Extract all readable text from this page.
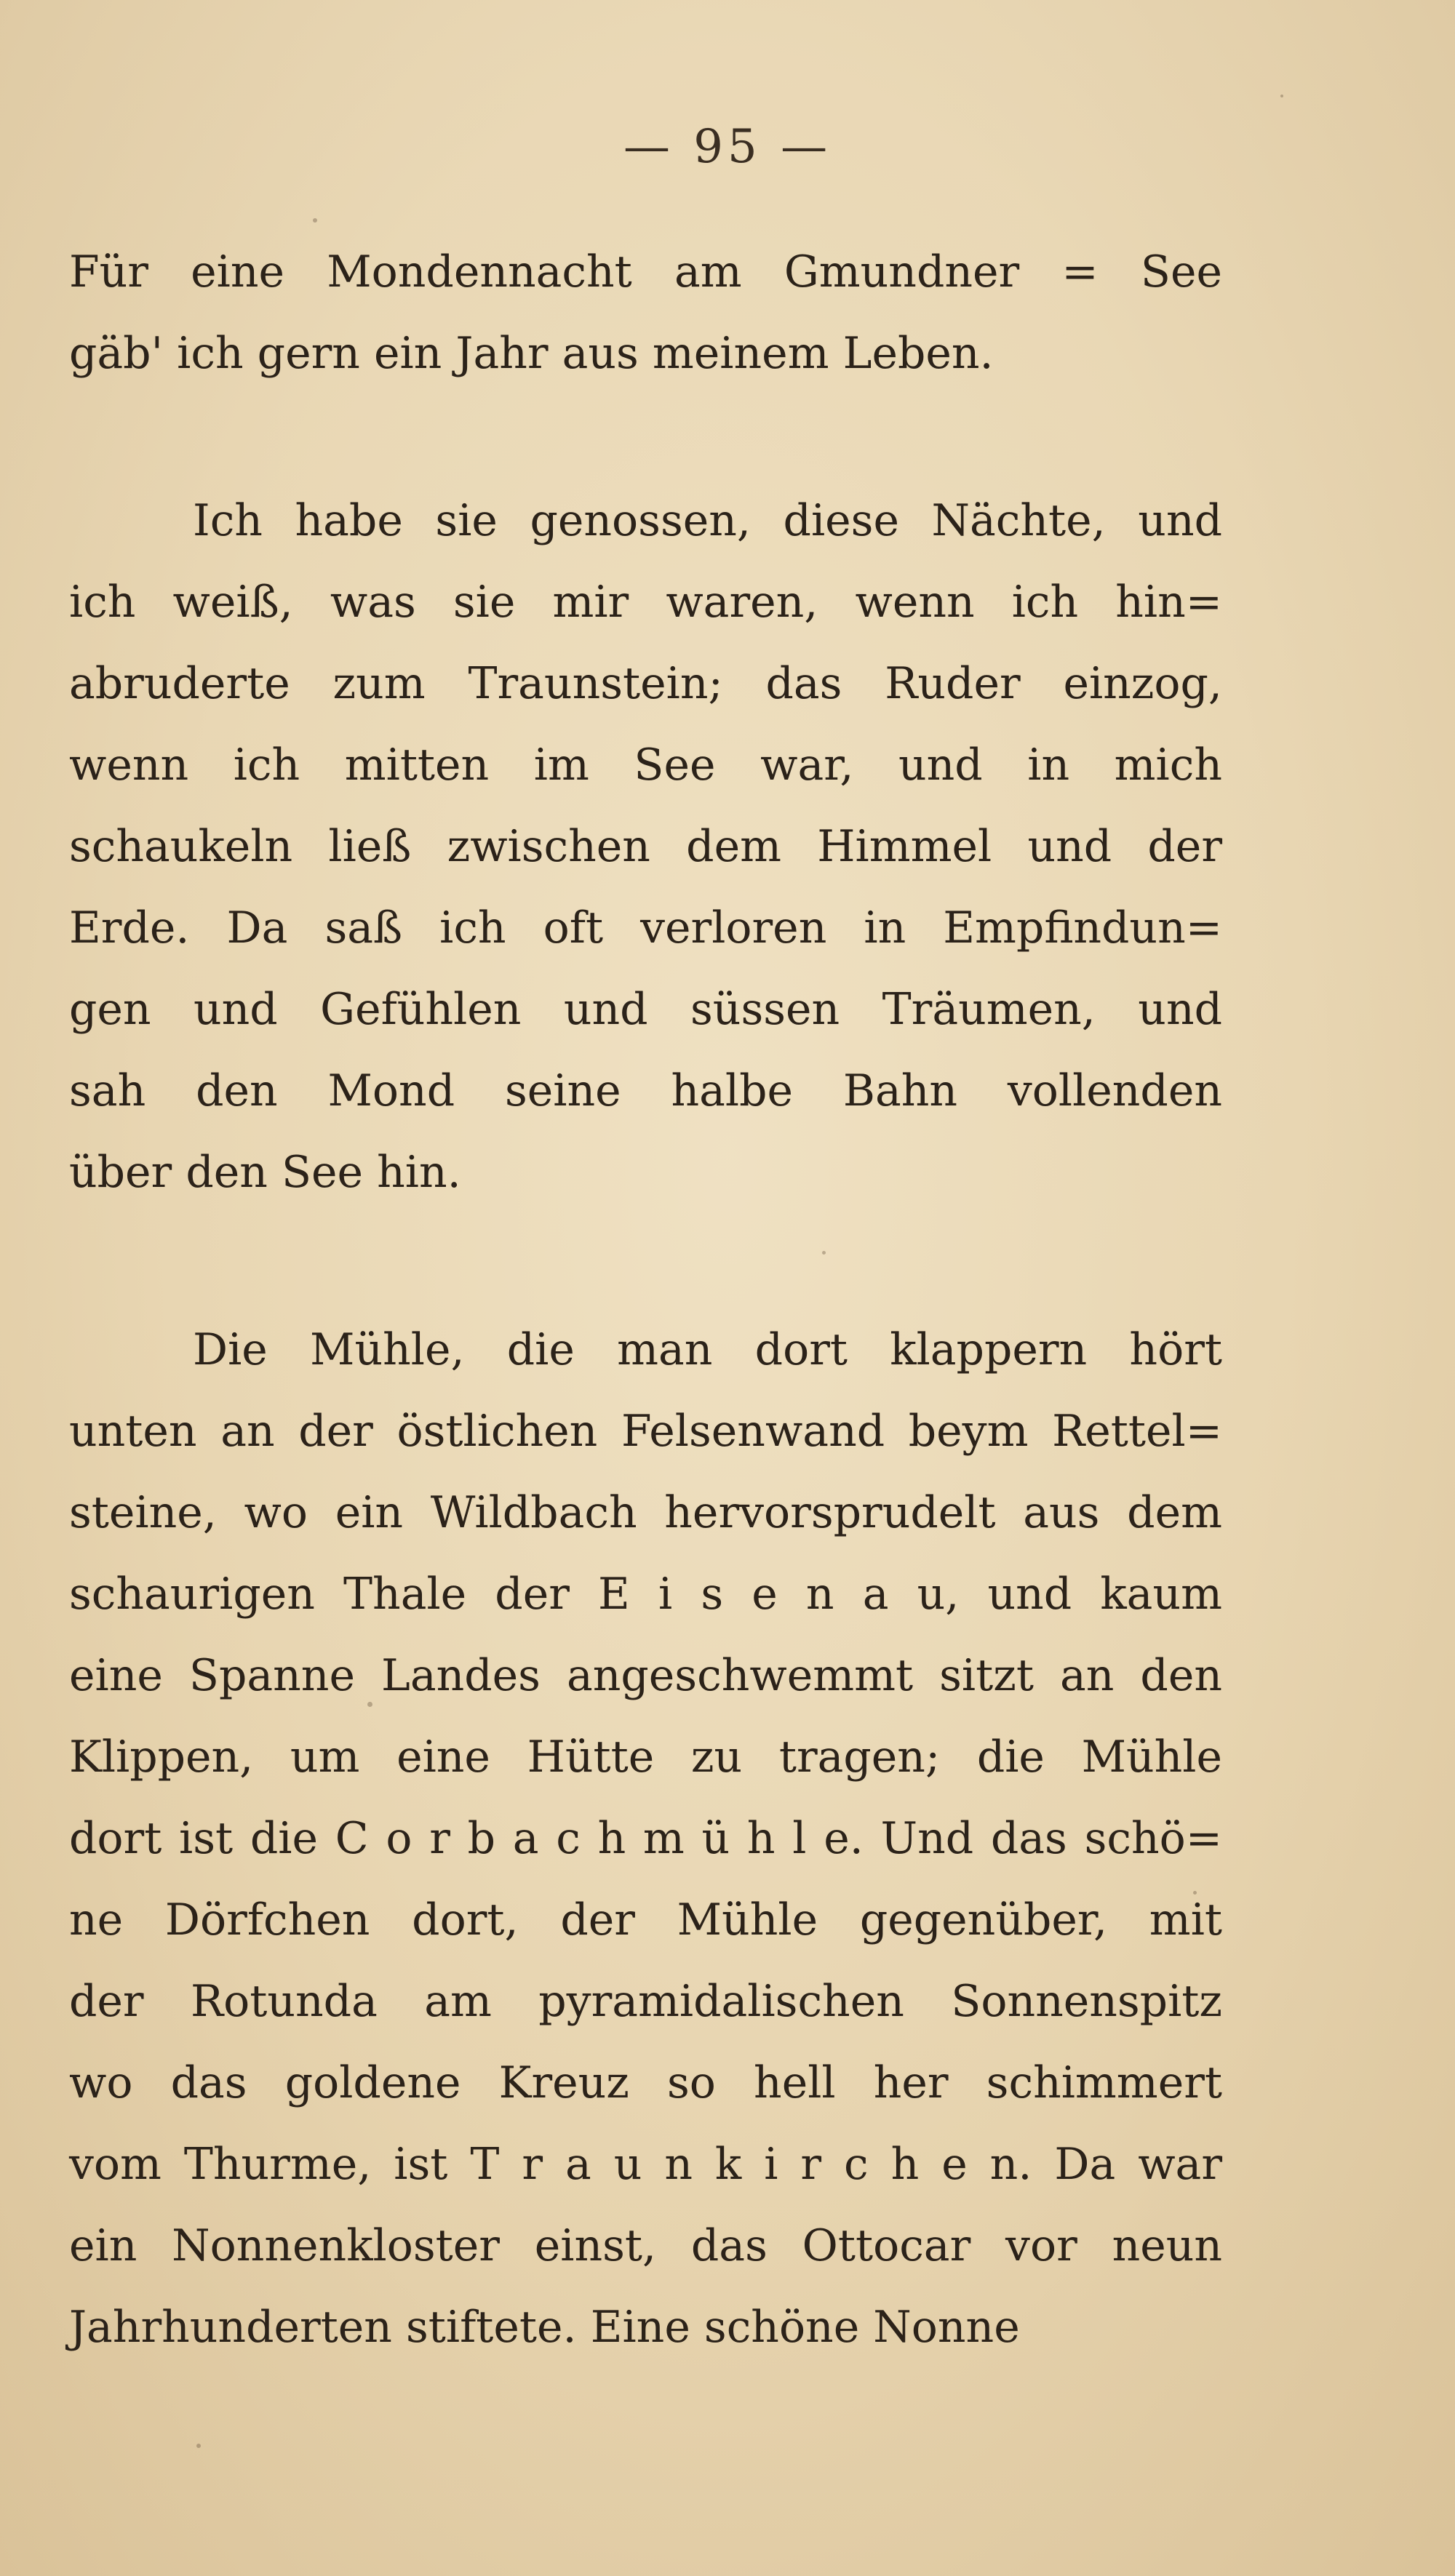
— 95 —
Für eine Mondennacht am Gmundner = See
gäb' ich gern ein Jahr aus meinem Leben.
Ich habe sie genossen, diese Nächte, und
ich weiß, was sie mir waren, wenn ich hin=
abruderte zum Traunstein; das Ruder einzog,
wenn ich mitten im See war, und in mich
schaukeln ließ zwischen dem Himmel und der
Erde. Da saß ich oft verloren in Empfindun=
gen und Gefühlen und süssen Träumen, und
sah den Mond seine halbe Bahn vollenden
über den See hin.
Die Mühle, die man dort klappern hört
unten an der östlichen Felsenwand beym Rettel=
steine, wo ein Wildbach hervorsprudelt aus dem
schaurigen Thale der E i s e n a u, und kaum
eine Spanne Landes angeschwemmt sitzt an den
Klippen, um eine Hütte zu tragen; die Mühle
dort ist die C o r b a c h m ü h l e. Und das schö=
ne Dörfchen dort, der Mühle gegenüber, mit
der Rotunda am pyramidalischen Sonnenspitz
wo das goldene Kreuz so hell her schimmert
vom Thurme, ist T r a u n k i r c h e n. Da war
ein Nonnenkloster einst, das Ottocar vor neun
Jahrhunderten stiftete. Eine schöne Nonne
